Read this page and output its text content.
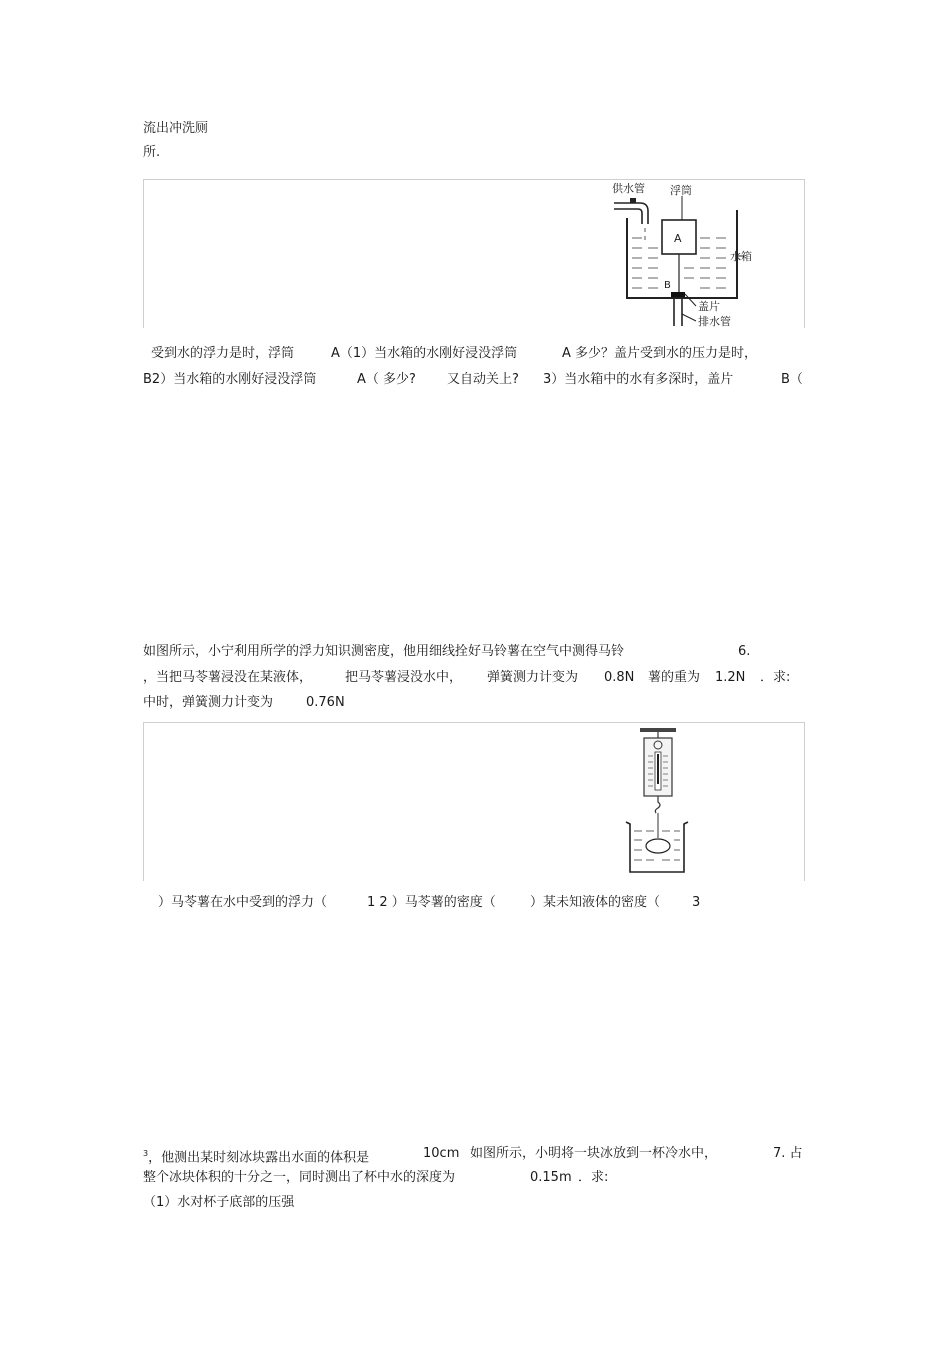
流出冲洗厕
所.
A
B
供水管 浮筒
水箱
盖片
排水管
受到水的浮力是时，浮筒	A（1）当水箱的水刚好浸没浮筒	A 多少？盖片受到水的压力是时，
B2）当水箱的水刚好浸没浮筒	A（ 多少? 又自动关上? 3）当水箱中的水有多深时，盖片	B（
如图所示，小宁利用所学的浮力知识测密度，他用细线拴好马铃薯在空气中测得马铃	6.
，当把马苓薯浸没在某液体，	把马苓薯浸没水中， 弹簧测力计变为 0.8N 薯的重为 1.2N ．求:
中时，弹簧测力计变为	0.76N
）马苓薯在水中受到的浮力（	1 2 ）马苓薯的密度（	）某未知液体的密度（ 3
$^3$，他测出某时刻冰块露出水面的体积是	10cm 如图所示，小明将一块冰放到一杯冷水中，	7. 占
整个冰块体积的十分之一，同时测出了杯中水的深度为	0.15m ．求:
（1）水对杯子底部的压强
